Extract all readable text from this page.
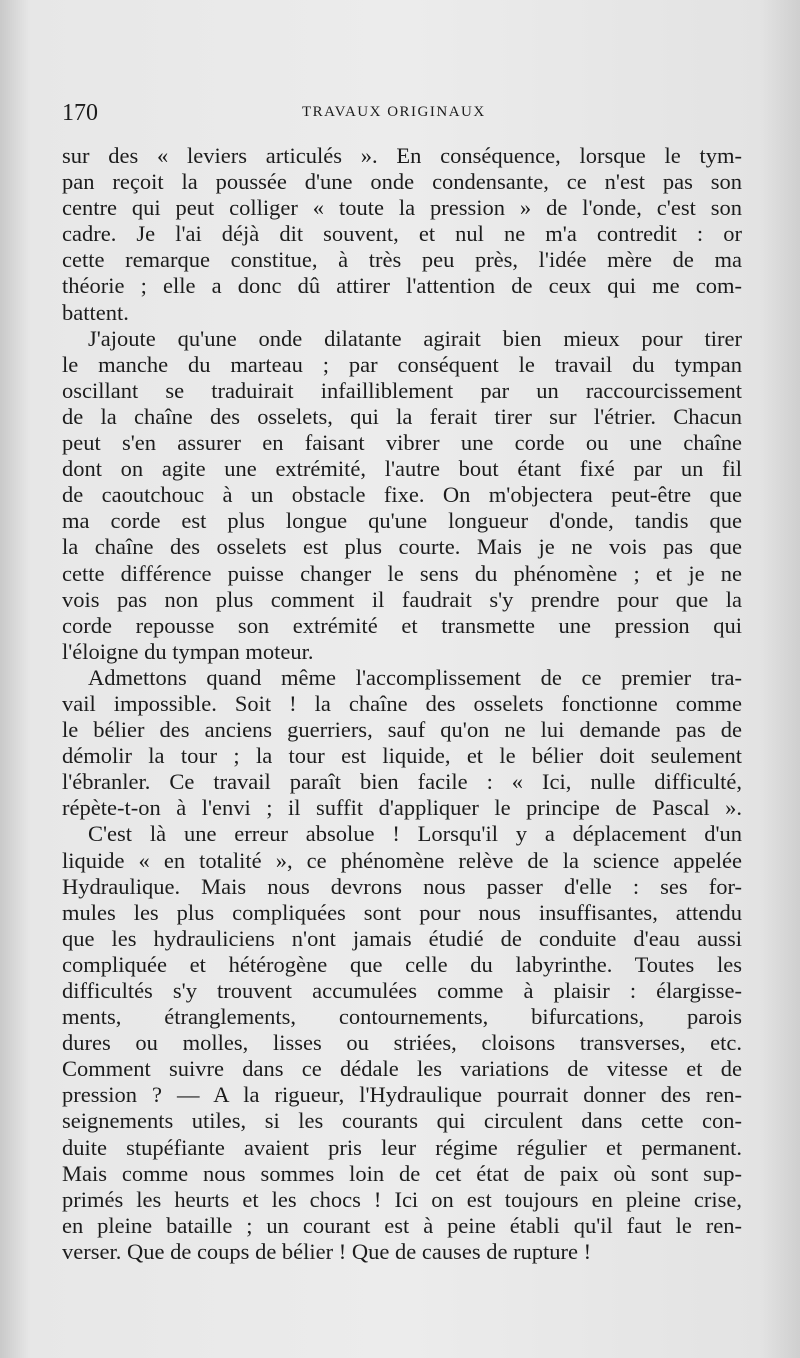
170	TRAVAUX ORIGINAUX
sur des « leviers articulés ». En conséquence, lorsque le tym-
pan reçoit la poussée d'une onde condensante, ce n'est pas son
centre qui peut colliger « toute la pression » de l'onde, c'est son
cadre. Je l'ai déjà dit souvent, et nul ne m'a contredit : or
cette remarque constitue, à très peu près, l'idée mère de ma
théorie ; elle a donc dû attirer l'attention de ceux qui me com-
battent.
J'ajoute qu'une onde dilatante agirait bien mieux pour tirer
le manche du marteau ; par conséquent le travail du tympan
oscillant se traduirait infailliblement par un raccourcissement
de la chaîne des osselets, qui la ferait tirer sur l'étrier. Chacun
peut s'en assurer en faisant vibrer une corde ou une chaîne
dont on agite une extrémité, l'autre bout étant fixé par un fil
de caoutchouc à un obstacle fixe. On m'objectera peut-être que
ma corde est plus longue qu'une longueur d'onde, tandis que
la chaîne des osselets est plus courte. Mais je ne vois pas que
cette différence puisse changer le sens du phénomène ; et je ne
vois pas non plus comment il faudrait s'y prendre pour que la
corde repousse son extrémité et transmette une pression qui
l'éloigne du tympan moteur.
Admettons quand même l'accomplissement de ce premier tra-
vail impossible. Soit ! la chaîne des osselets fonctionne comme
le bélier des anciens guerriers, sauf qu'on ne lui demande pas de
démolir la tour ; la tour est liquide, et le bélier doit seulement
l'ébranler. Ce travail paraît bien facile : « Ici, nulle difficulté,
répète-t-on à l'envi ; il suffit d'appliquer le principe de Pascal ».
C'est là une erreur absolue ! Lorsqu'il y a déplacement d'un
liquide « en totalité », ce phénomène relève de la science appelée
Hydraulique. Mais nous devrons nous passer d'elle : ses for-
mules les plus compliquées sont pour nous insuffisantes, attendu
que les hydrauliciens n'ont jamais étudié de conduite d'eau aussi
compliquée et hétérogène que celle du labyrinthe. Toutes les
difficultés s'y trouvent accumulées comme à plaisir : élargisse-
ments, étranglements, contournements, bifurcations, parois
dures ou molles, lisses ou striées, cloisons transverses, etc.
Comment suivre dans ce dédale les variations de vitesse et de
pression ? — A la rigueur, l'Hydraulique pourrait donner des ren-
seignements utiles, si les courants qui circulent dans cette con-
duite stupéfiante avaient pris leur régime régulier et permanent.
Mais comme nous sommes loin de cet état de paix où sont sup-
primés les heurts et les chocs ! Ici on est toujours en pleine crise,
en pleine bataille ; un courant est à peine établi qu'il faut le ren-
verser. Que de coups de bélier ! Que de causes de rupture !
